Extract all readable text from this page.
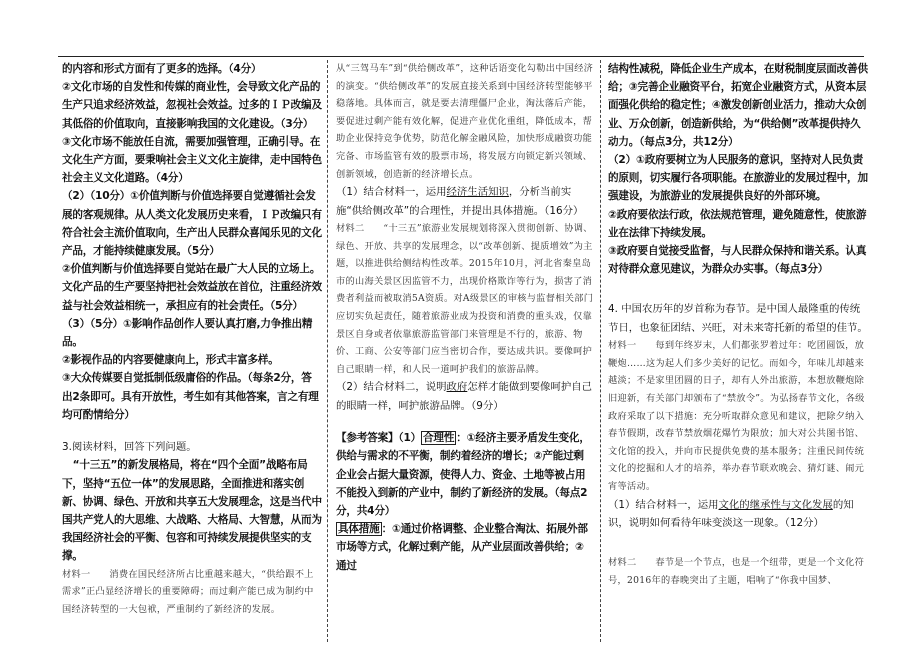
的内容和形式方面有了更多的选择。（4分）

②文化市场的自发性和传媒的商业性，会导致文化产品的生产只追求经济效益，忽视社会效益。过多的ＩＰ改编及其低俗的价值取向，直接影响我国的文化建设。（3分）

③文化市场不能放任自流，需要加强管理，正确引导。在文化生产方面，要秉响社会主义文化主旋律，走中国特色社会主义文化道路。（4分）

（2）（10分）①价值判断与价值选择要自觉遵循社会发展的客观规律。从人类文化发展历史来看，ＩＰ改编只有符合社会主流价值取向，生产出人民群众喜闻乐见的文化产品，才能持续健康发展。（5分）

②价值判断与价值选择要自觉站在最广大人民的立场上。文化产品的生产要坚持把社会效益放在首位，注重经济效益与社会效益相统一，承担应有的社会责任。（5分）

（3）（5分）①影响作品创作人要认真打磨,力争推出精品。

②影视作品的内容要健康向上，形式丰富多样。

③大众传媒要自觉抵制低级庸俗的作品。（每条2分，答出2条即可。具有开放性，考生如有其他答案，言之有理均可酌情给分）

3.阅读材料，回答下列问题。

“十三五”的新发展格局，将在“四个全面”战略布局下，坚持“五位一体”的发展思路，全面推进和落实创新、协调、绿色、开放和共享五大发展理念，这是当代中国共产党人的大思维、大战略、大格局、大智慧，从而为我国经济社会的平衡、包容和可持续发展提供坚实的支撑。

材料一　　消费在国民经济所占比重越来越大，“供给跟不上需求”正凸显经济增长的重要障碍；而过剩产能已成为制约中国经济转型的一大包袱，严重制约了新经济的发展。

从“三驾马车”到“供给侧改革”，这种话语变化勾勒出中国经济的演变。“供给侧改革”的发展直接关系到中国经济转型能够平稳落地。具体而言，就是要去清理僵尸企业，淘汰落后产能，要促进过剩产能有效化解，促进产业优化重组，降低成本，帮助企业保持竞争优势，防范化解金融风险，加快形成融资功能完备、市场监管有效的股票市场，将发展方向锁定新兴领域、创新领域，创造新的经济增长点。

（1）结合材料一，运用经济生活知识，分析当前实施“供给侧改革”的合理性，并提出具体措施。（16分）

材料二　　“十三五”旅游业发展规划将深入贯彻创新、协调、绿色、开放、共享的发展理念，以“改革创新、提质增效”为主题，以推进供给侧结构性改革。2015年10月，河北省秦皇岛市的山海关景区因监管不力，出现价格欺诈等行为，损害了消费者利益而被取消5A资质。对A级景区的审核与监督相关部门应切实负起责任，随着旅游业成为投资和消费的重头戏，仅靠景区自身或者依靠旅游监管部门来管理是不行的，旅游、物价、工商、公安等部门应当密切合作，要达成共识。要像呵护自己眼睛一样，和人民一道呵护我们的旅游品牌。

（2）结合材料二，说明政府怎样才能做到要像呵护自己的眼睛一样，呵护旅游品牌。（9分）

【参考答案】（1） 合理性 ：①经济主要矛盾发生变化，供给与需求的不平衡，制约着经济的增长；②产能过剩企业会占据大量资源，使得人力、资金、土地等被占用不能投入到新的产业中，制约了新经济的发展。（每点2分，共4分）

具体措施 ：①通过价格调整、企业整合淘汰、拓展外部市场等方式，化解过剩产能，从产业层面改善供给；②通过

结构性减税，降低企业生产成本，在财税制度层面改善供给；③完善企业融资平台，拓宽企业融资方式，从资本层面强化供给的稳定性；④激发创新创业活力，推动大众创业、万众创新，创造新供给，为“供给侧”改革提供持久动力。（每点3分，共12分）

（2）①政府要树立为人民服务的意识，坚持对人民负责的原则，切实履行各项职能。在旅游业的发展过程中，加强建设，为旅游业的发展提供良好的外部环境。

②政府要依法行政，依法规范管理，避免随意性，使旅游业在法律下持续发展。

③政府要自觉接受监督，与人民群众保持和谐关系。认真对待群众意见建议，为群众办实事。（每点3分）

4. 中国农历年的岁首称为春节。是中国人最隆重的传统节日，也象征团结、兴旺，对未来寄托新的希望的佳节。

材料一　　每到年终岁末，人们都张罗着过年：吃团圆饭，放鞭炮……这为起人们多少美好的记忆。而如今，年味儿却越来越淡；不是家里团圆的日子，却有人外出旅游，本想放鞭炮除旧迎新，有关部门却颁布了“禁放令”。为弘扬春节文化，各级政府采取了以下措施：充分听取群众意见和建议，把除夕纳入春节假期，改春节禁放烟花爆竹为限放；加大对公共图书馆、文化馆的投入，并向市民提供免费的基本服务；注重民间传统文化的挖掘和人才的培养，举办春节联欢晚会、猜灯谜、闹元宵等活动。

（1）结合材料一，运用文化的继承性与文化发展的知识，说明如何看待年味变淡这一现象。（12分）

材料二　　春节是一个节点，也是一个纽带，更是一个文化符号，2016年的春晚突出了主题，唱响了“你我中国梦、
